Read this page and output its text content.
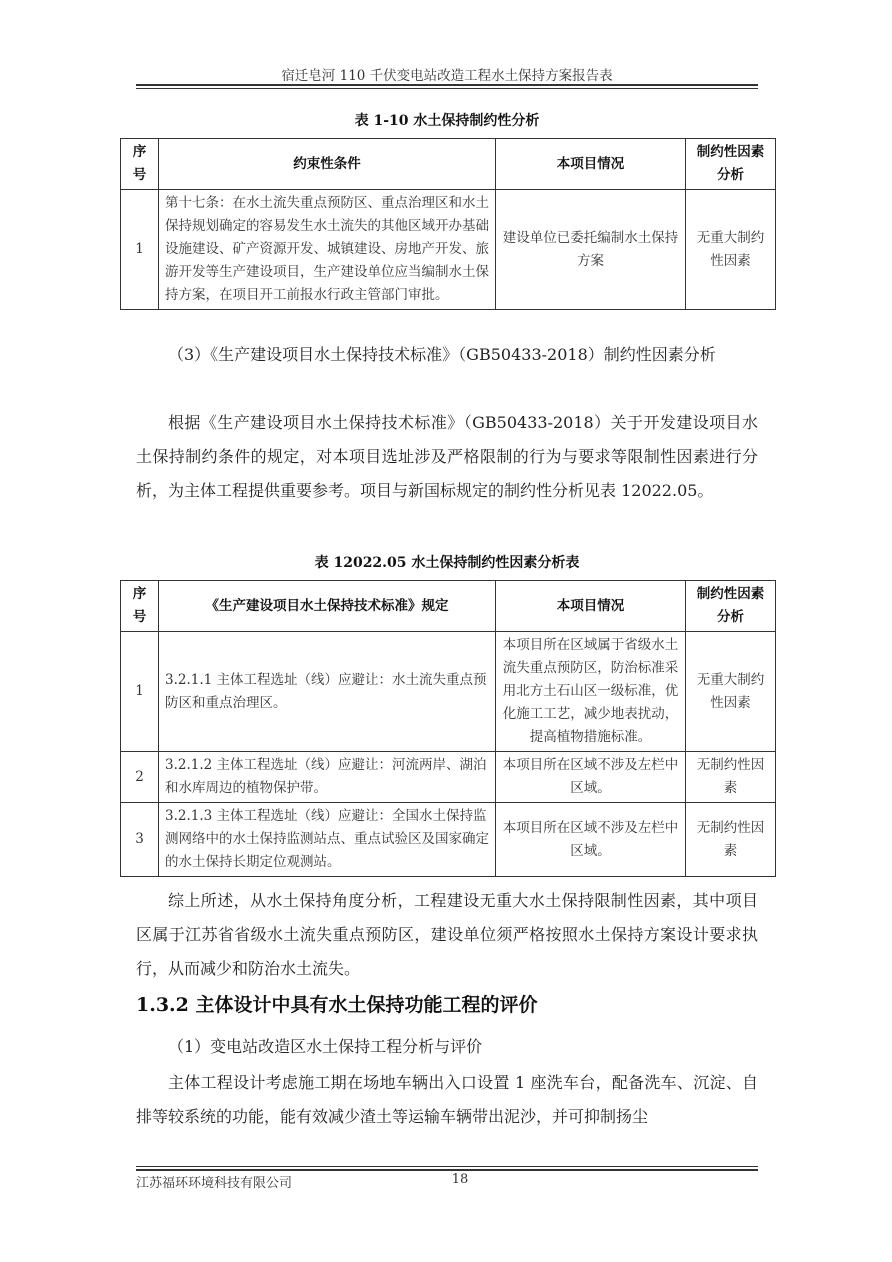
宿迁皂河 110 千伏变电站改造工程水土保持方案报告表
表 1-10 水土保持制约性分析
序号	约束性条件	本项目情况	制约性因素分析
1	第十七条：在水土流失重点预防区、重点治理区和水土保持规划确定的容易发生水土流失的其他区域开办基础设施建设、矿产资源开发、城镇建设、房地产开发、旅游开发等生产建设项目，生产建设单位应当编制水土保持方案，在项目开工前报水行政主管部门审批。	建设单位已委托编制水土保持方案	无重大制约性因素
（3）《生产建设项目水土保持技术标准》（GB50433-2018）制约性因素分析
根据《生产建设项目水土保持技术标准》（GB50433-2018）关于开发建设项目水土保持制约条件的规定，对本项目选址涉及严格限制的行为与要求等限制性因素进行分析，为主体工程提供重要参考。项目与新国标规定的制约性分析见表 12022.05。
表 12022.05 水土保持制约性因素分析表
序号	《生产建设项目水土保持技术标准》规定	本项目情况	制约性因素分析
1	3.2.1.1 主体工程选址（线）应避让：水土流失重点预防区和重点治理区。	本项目所在区域属于省级水土流失重点预防区，防治标准采用北方土石山区一级标准，优化施工工艺，减少地表扰动，提高植物措施标准。	无重大制约性因素
2	3.2.1.2 主体工程选址（线）应避让：河流两岸、湖泊和水库周边的植物保护带。	本项目所在区域不涉及左栏中区域。	无制约性因素
3	3.2.1.3 主体工程选址（线）应避让：全国水土保持监测网络中的水土保持监测站点、重点试验区及国家确定的水土保持长期定位观测站。	本项目所在区域不涉及左栏中区域。	无制约性因素
综上所述，从水土保持角度分析，工程建设无重大水土保持限制性因素，其中项目区属于江苏省省级水土流失重点预防区，建设单位须严格按照水土保持方案设计要求执行，从而减少和防治水土流失。
1.3.2 主体设计中具有水土保持功能工程的评价
（1）变电站改造区水土保持工程分析与评价
主体工程设计考虑施工期在场地车辆出入口设置 1 座洗车台，配备洗车、沉淀、自排等较系统的功能，能有效减少渣土等运输车辆带出泥沙，并可抑制扬尘
江苏福环环境科技有限公司	18
